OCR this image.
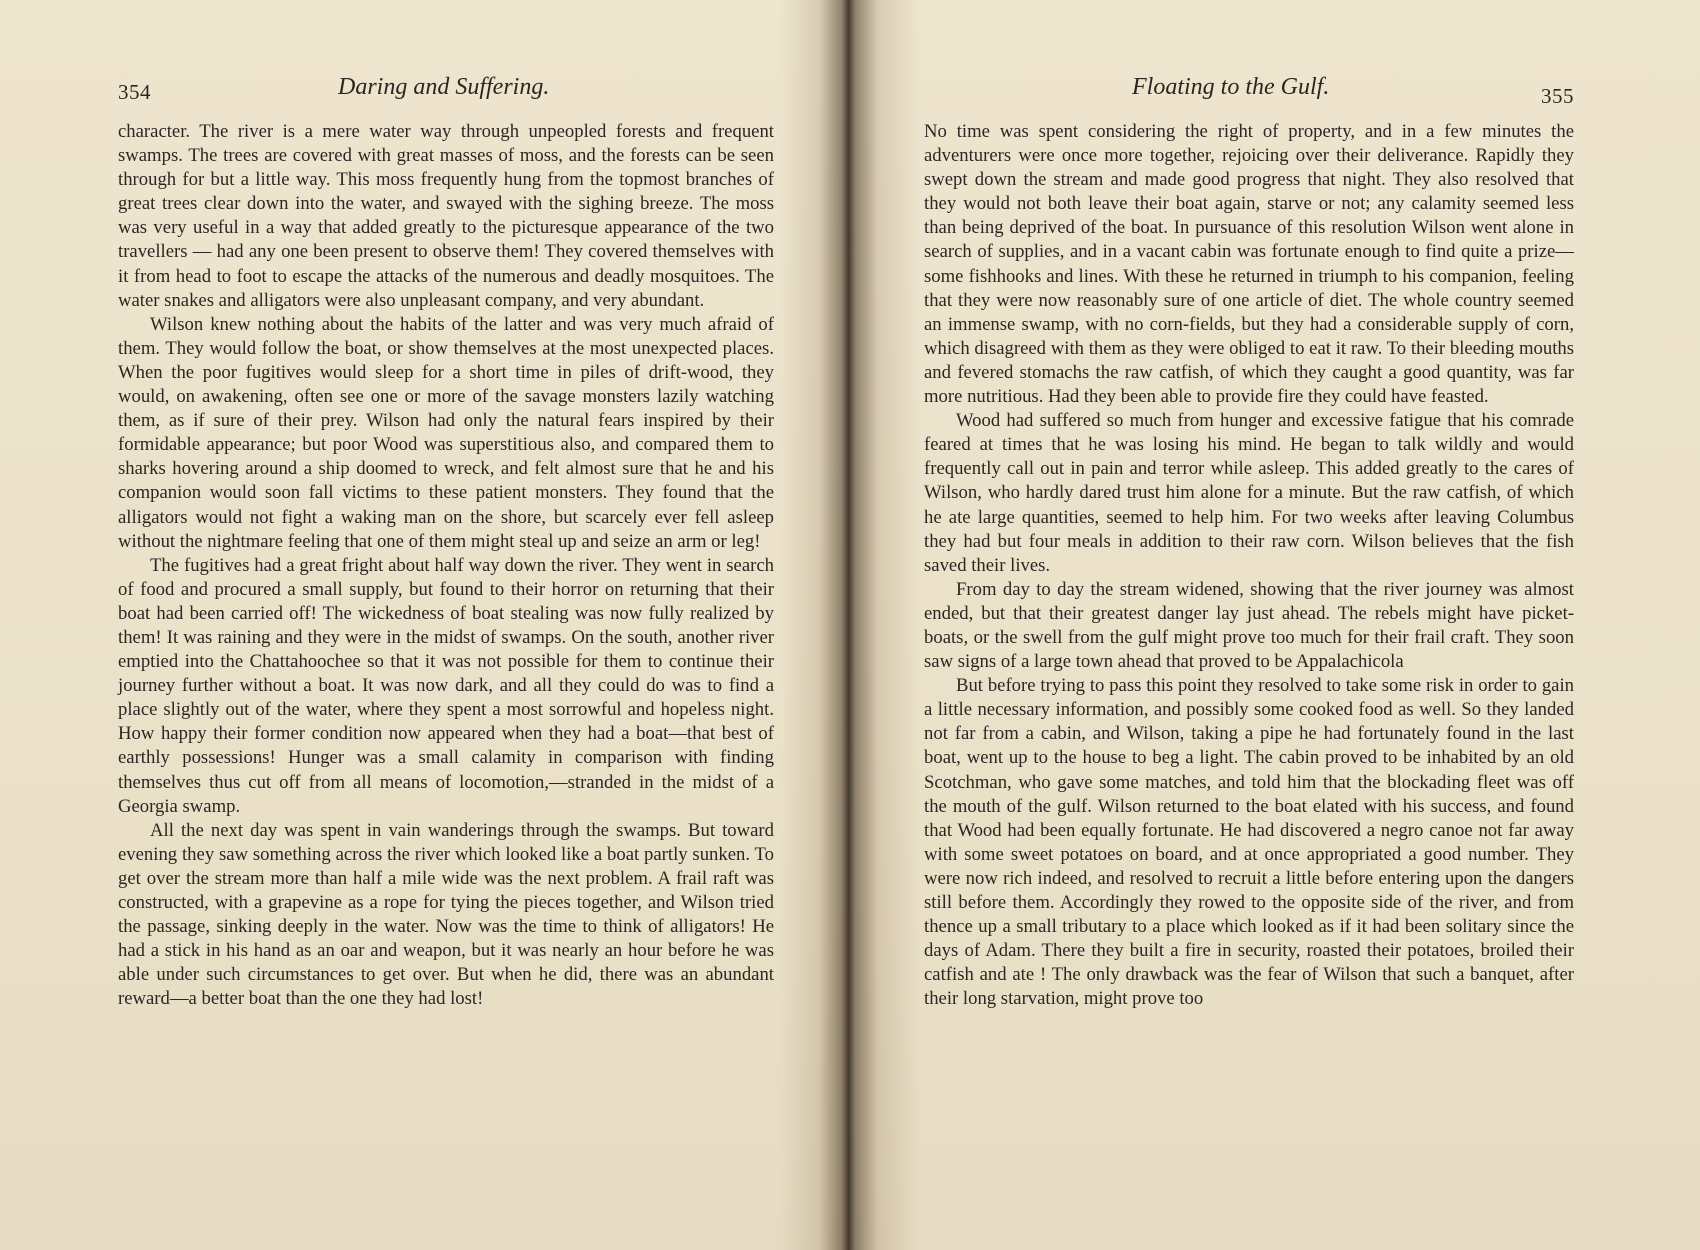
354	Daring and Suffering.

character. The river is a mere water way through unpeopled forests and frequent swamps. The trees are covered with great masses of moss, and the forests can be seen through for but a little way. This moss frequently hung from the topmost branches of great trees clear down into the water, and swayed with the sighing breeze. The moss was very useful in a way that added greatly to the picturesque appearance of the two travellers — had any one been present to observe them! They covered themselves with it from head to foot to escape the attacks of the numerous and deadly mosquitoes. The water snakes and alligators were also unpleasant company, and very abundant.

Wilson knew nothing about the habits of the latter and was very much afraid of them. They would follow the boat, or show themselves at the most unexpected places. When the poor fugitives would sleep for a short time in piles of drift-wood, they would, on awakening, often see one or more of the savage monsters lazily watching them, as if sure of their prey. Wilson had only the natural fears inspired by their formidable appearance; but poor Wood was superstitious also, and compared them to sharks hovering around a ship doomed to wreck, and felt almost sure that he and his companion would soon fall victims to these patient monsters. They found that the alligators would not fight a waking man on the shore, but scarcely ever fell asleep without the nightmare feeling that one of them might steal up and seize an arm or leg!

The fugitives had a great fright about half way down the river. They went in search of food and procured a small supply, but found to their horror on returning that their boat had been carried off! The wickedness of boat stealing was now fully realized by them! It was raining and they were in the midst of swamps. On the south, another river emptied into the Chattahoochee so that it was not possible for them to continue their journey further without a boat. It was now dark, and all they could do was to find a place slightly out of the water, where they spent a most sorrowful and hopeless night. How happy their former condition now appeared when they had a boat—that best of earthly possessions! Hunger was a small calamity in comparison with finding themselves thus cut off from all means of locomotion,—stranded in the midst of a Georgia swamp.

All the next day was spent in vain wanderings through the swamps. But toward evening they saw something across the river which looked like a boat partly sunken. To get over the stream more than half a mile wide was the next problem. A frail raft was constructed, with a grapevine as a rope for tying the pieces together, and Wilson tried the passage, sinking deeply in the water. Now was the time to think of alligators! He had a stick in his hand as an oar and weapon, but it was nearly an hour before he was able under such circumstances to get over. But when he did, there was an abundant reward—a better boat than the one they had lost!

Floating to the Gulf.	355

No time was spent considering the right of property, and in a few minutes the adventurers were once more together, rejoicing over their deliverance. Rapidly they swept down the stream and made good progress that night. They also resolved that they would not both leave their boat again, starve or not; any calamity seemed less than being deprived of the boat. In pursuance of this resolution Wilson went alone in search of supplies, and in a vacant cabin was fortunate enough to find quite a prize—some fishhooks and lines. With these he returned in triumph to his companion, feeling that they were now reasonably sure of one article of diet. The whole country seemed an immense swamp, with no corn-fields, but they had a considerable supply of corn, which disagreed with them as they were obliged to eat it raw. To their bleeding mouths and fevered stomachs the raw catfish, of which they caught a good quantity, was far more nutritious. Had they been able to provide fire they could have feasted.

Wood had suffered so much from hunger and excessive fatigue that his comrade feared at times that he was losing his mind. He began to talk wildly and would frequently call out in pain and terror while asleep. This added greatly to the cares of Wilson, who hardly dared trust him alone for a minute. But the raw catfish, of which he ate large quantities, seemed to help him. For two weeks after leaving Columbus they had but four meals in addition to their raw corn. Wilson believes that the fish saved their lives.

From day to day the stream widened, showing that the river journey was almost ended, but that their greatest danger lay just ahead. The rebels might have picket-boats, or the swell from the gulf might prove too much for their frail craft. They soon saw signs of a large town ahead that proved to be Appalachicola

But before trying to pass this point they resolved to take some risk in order to gain a little necessary information, and possibly some cooked food as well. So they landed not far from a cabin, and Wilson, taking a pipe he had fortunately found in the last boat, went up to the house to beg a light. The cabin proved to be inhabited by an old Scotchman, who gave some matches, and told him that the blockading fleet was off the mouth of the gulf. Wilson returned to the boat elated with his success, and found that Wood had been equally fortunate. He had discovered a negro canoe not far away with some sweet potatoes on board, and at once appropriated a good number. They were now rich indeed, and resolved to recruit a little before entering upon the dangers still before them. Accordingly they rowed to the opposite side of the river, and from thence up a small tributary to a place which looked as if it had been solitary since the days of Adam. There they built a fire in security, roasted their potatoes, broiled their catfish and ate ! The only drawback was the fear of Wilson that such a banquet, after their long starvation, might prove too
